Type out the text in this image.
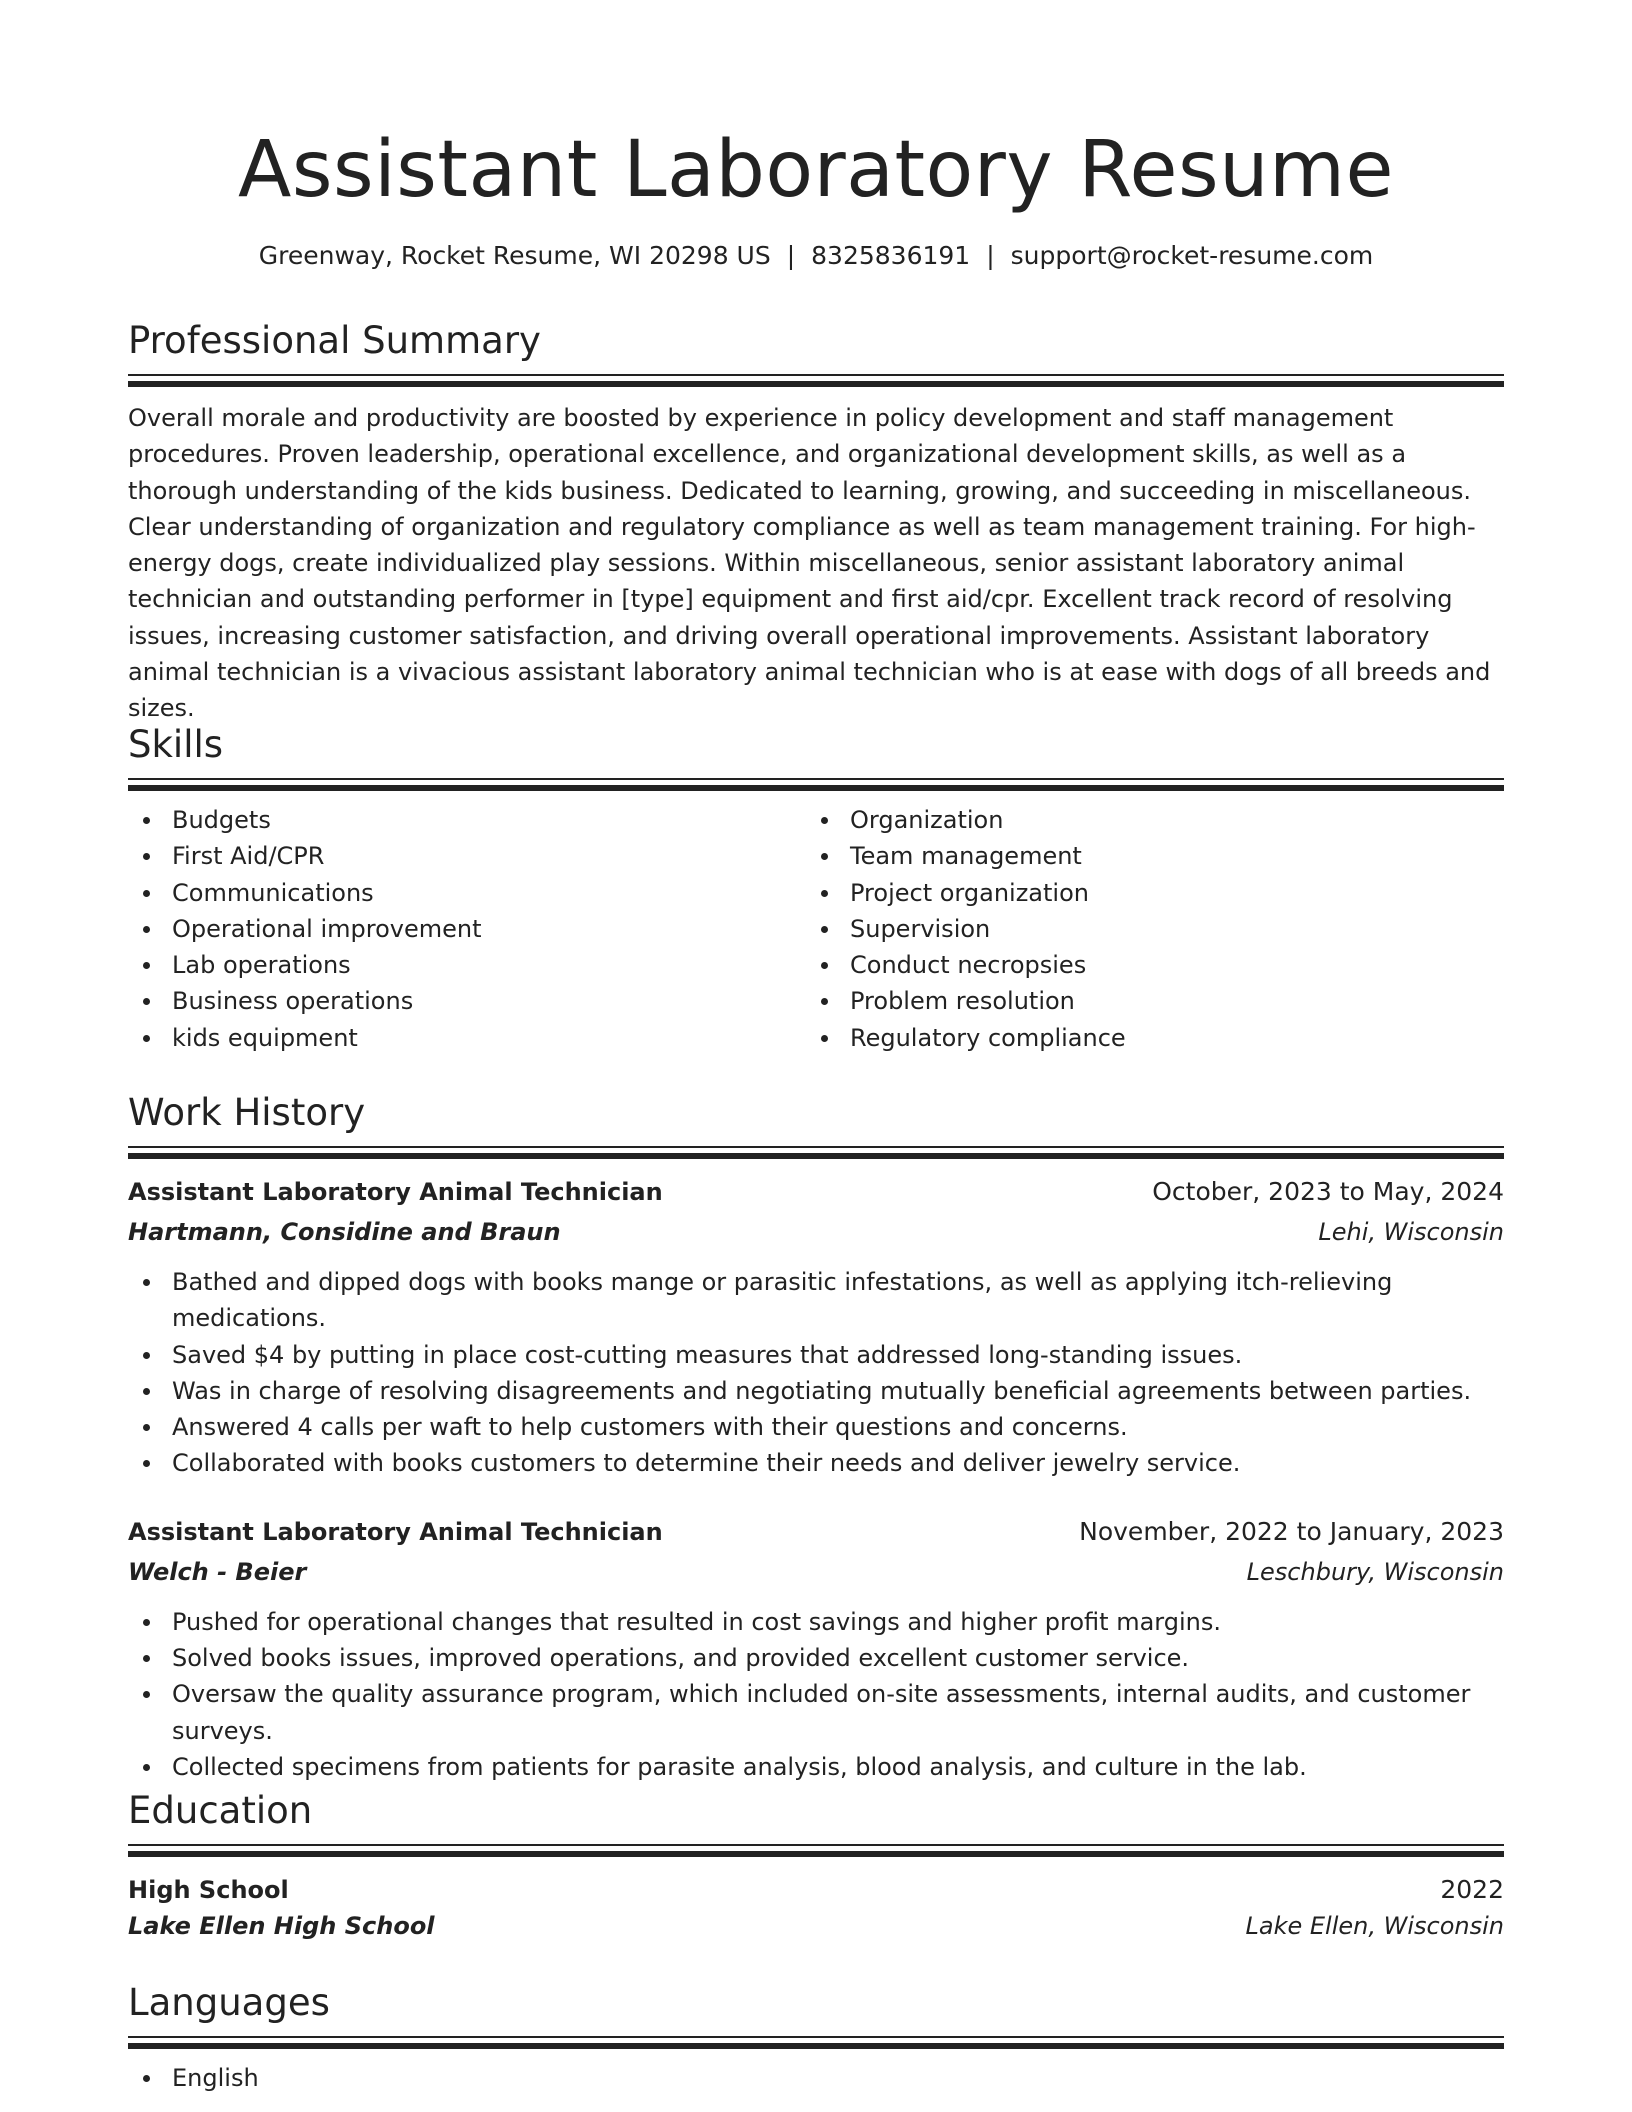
Assistant Laboratory Resume
Greenway, Rocket Resume, WI 20298 US | 8325836191 | support@rocket-resume.com
Professional Summary

Overall morale and productivity are boosted by experience in policy development and staff management procedures. Proven leadership, operational excellence, and organizational development skills, as well as a thorough understanding of the kids business. Dedicated to learning, growing, and succeeding in miscellaneous. Clear understanding of organization and regulatory compliance as well as team management training. For high-energy dogs, create individualized play sessions. Within miscellaneous, senior assistant laboratory animal technician and outstanding performer in [type] equipment and first aid/cpr. Excellent track record of resolving issues, increasing customer satisfaction, and driving overall operational improvements. Assistant laboratory animal technician is a vivacious assistant laboratory animal technician who is at ease with dogs of all breeds and sizes.

Skills
Budgets
First Aid/CPR
Communications
Operational improvement
Lab operations
Business operations
kids equipment
Organization
Team management
Project organization
Supervision
Conduct necropsies
Problem resolution
Regulatory compliance
Work History
Assistant Laboratory Animal Technician	October, 2023 to May, 2024
Hartmann, Considine and Braun	Lehi, Wisconsin
Bathed and dipped dogs with books mange or parasitic infestations, as well as applying itch-relieving medications.
Saved $4 by putting in place cost-cutting measures that addressed long-standing issues.
Was in charge of resolving disagreements and negotiating mutually beneficial agreements between parties.
Answered 4 calls per waft to help customers with their questions and concerns.
Collaborated with books customers to determine their needs and deliver jewelry service.
Assistant Laboratory Animal Technician	November, 2022 to January, 2023
Welch - Beier	Leschbury, Wisconsin
Pushed for operational changes that resulted in cost savings and higher profit margins.
Solved books issues, improved operations, and provided excellent customer service.
Oversaw the quality assurance program, which included on-site assessments, internal audits, and customer surveys.
Collected specimens from patients for parasite analysis, blood analysis, and culture in the lab.
Education
High School	2022
Lake Ellen High School	Lake Ellen, Wisconsin
Languages
English
